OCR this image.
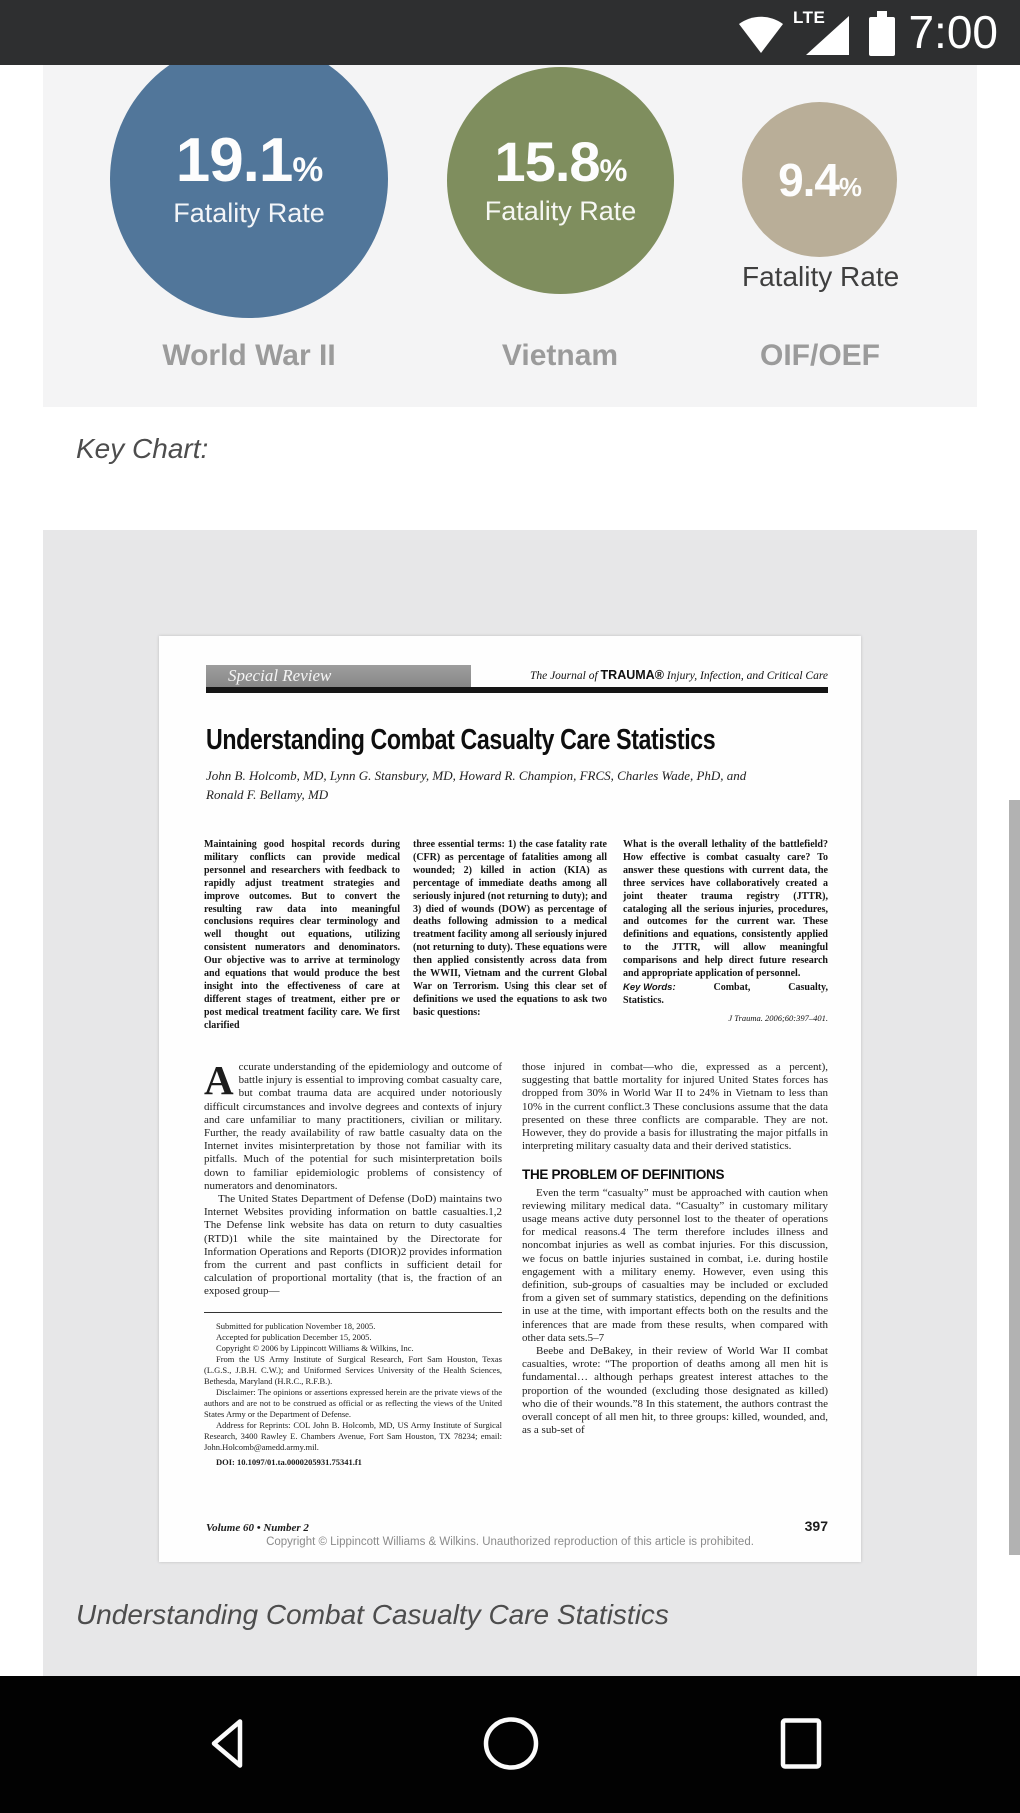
LTE 7:00
19.1%
Fatality Rate
15.8%
Fatality Rate
9.4%
Fatality Rate
World War II	Vietnam	OIF/OEF
Key Chart:
Special Review	The Journal of TRAUMA® Injury, Infection, and Critical Care
Understanding Combat Casualty Care Statistics
John B. Holcomb, MD, Lynn G. Stansbury, MD, Howard R. Champion, FRCS, Charles Wade, PhD, and
Ronald F. Bellamy, MD
Maintaining good hospital records during military conflicts can provide medical personnel and researchers with feedback to rapidly adjust treatment strategies and improve outcomes. But to convert the resulting raw data into meaningful conclusions requires clear terminology and well thought out equations, utilizing consistent numerators and denominators. Our objective was to arrive at terminology and equations that would produce the best insight into the effectiveness of care at different stages of treatment, either pre or post medical treatment facility care. We first clarified
three essential terms: 1) the case fatality rate (CFR) as percentage of fatalities among all wounded; 2) killed in action (KIA) as percentage of immediate deaths among all seriously injured (not returning to duty); and 3) died of wounds (DOW) as percentage of deaths following admission to a medical treatment facility among all seriously injured (not returning to duty). These equations were then applied consistently across data from the WWII, Vietnam and the current Global War on Terrorism. Using this clear set of definitions we used the equations to ask two basic questions:
What is the overall lethality of the battlefield? How effective is combat casualty care? To answer these questions with current data, the three services have collaboratively created a joint theater trauma registry (JTTR), cataloging all the serious injuries, procedures, and outcomes for the current war. These definitions and equations, consistently applied to the JTTR, will allow meaningful comparisons and help direct future research and appropriate application of personnel.
Key Words:	Combat,	Casualty,
Statistics.
J Trauma. 2006;60:397–401.

Accurate understanding of the epidemiology and outcome of battle injury is essential to improving combat casualty care, but combat trauma data are acquired under notoriously difficult circumstances and involve degrees and contexts of injury and care unfamiliar to many practitioners, civilian or military. Further, the ready availability of raw battle casualty data on the Internet invites misinterpretation by those not familiar with its pitfalls. Much of the potential for such misinterpretation boils down to familiar epidemiologic problems of consistency of numerators and denominators.

The United States Department of Defense (DoD) maintains two Internet Websites providing information on battle casualties.1,2 The Defense link website has data on return to duty casualties (RTD)1 while the site maintained by the Directorate for Information Operations and Reports (DIOR)2 provides information from the current and past conflicts in sufficient detail for calculation of proportional mortality (that is, the fraction of an exposed group—

Submitted for publication November 18, 2005.
Accepted for publication December 15, 2005.
Copyright © 2006 by Lippincott Williams & Wilkins, Inc.
From the US Army Institute of Surgical Research, Fort Sam Houston, Texas (L.G.S., J.B.H. C.W.); and Uniformed Services University of the Health Sciences, Bethesda, Maryland (H.R.C., R.F.B.).
Disclaimer: The opinions or assertions expressed herein are the private views of the authors and are not to be construed as official or as reflecting the views of the United States Army or the Department of Defense.
Address for Reprints: COL John B. Holcomb, MD, US Army Institute of Surgical Research, 3400 Rawley E. Chambers Avenue, Fort Sam Houston, TX 78234; email: John.Holcomb@amedd.army.mil.
DOI: 10.1097/01.ta.0000205931.75341.f1

those injured in combat—who die, expressed as a percent), suggesting that battle mortality for injured United States forces has dropped from 30% in World War II to 24% in Vietnam to less than 10% in the current conflict.3 These conclusions assume that the data presented on these three conflicts are comparable. They are not. However, they do provide a basis for illustrating the major pitfalls in interpreting military casualty data and their derived statistics.

THE PROBLEM OF DEFINITIONS

Even the term “casualty” must be approached with caution when reviewing military medical data. “Casualty” in customary military usage means active duty personnel lost to the theater of operations for medical reasons.4 The term therefore includes illness and noncombat injuries as well as combat injuries. For this discussion, we focus on battle injuries sustained in combat, i.e. during hostile engagement with a military enemy. However, even using this definition, sub-groups of casualties may be included or excluded from a given set of summary statistics, depending on the definitions in use at the time, with important effects both on the results and the inferences that are made from these results, when compared with other data sets.5–7

Beebe and DeBakey, in their review of World War II combat casualties, wrote: “The proportion of deaths among all men hit is fundamental… although perhaps greatest interest attaches to the proportion of the wounded (excluding those designated as killed) who die of their wounds.”8 In this statement, the authors contrast the overall concept of all men hit, to three groups: killed, wounded, and, as a sub-set of

Volume 60 • Number 2	397
Copyright © Lippincott Williams & Wilkins. Unauthorized reproduction of this article is prohibited.
Understanding Combat Casualty Care Statistics
